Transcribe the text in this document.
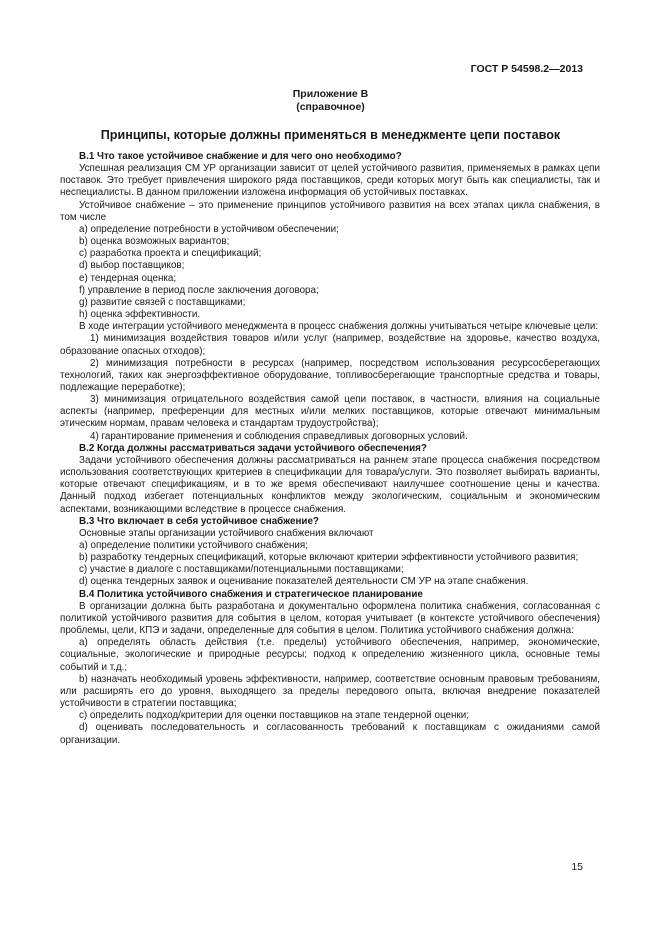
ГОСТ Р 54598.2—2013
Приложение В
(справочное)
Принципы, которые должны применяться в менеджменте цепи поставок

В.1 Что такое устойчивое снабжение и для чего оно необходимо?

Успешная реализация СМ УР организации зависит от целей устойчивого развития, применяемых в рамках цепи поставок. Это требует привлечения широкого ряда поставщиков, среди которых могут быть как специалисты, так и неспециалисты. В данном приложении изложена информация об устойчивых поставках.

Устойчивое снабжение – это применение принципов устойчивого развития на всех этапах цикла снабжения, в том числе

a) определение потребности в устойчивом обеспечении;

b) оценка возможных вариантов;

c) разработка проекта и спецификаций;

d) выбор поставщиков;

e) тендерная оценка;

f) управление в период после заключения договора;

g) развитие связей с поставщиками;

h) оценка эффективности.

В ходе интеграции устойчивого менеджмента в процесс снабжения должны учитываться четыре ключевые цели:

1) минимизация воздействия товаров и/или услуг (например, воздействие на здоровье, качество воздуха, образование опасных отходов);

2) минимизация потребности в ресурсах (например, посредством использования ресурсосберегающих технологий, таких как энергоэффективное оборудование, топливосберегающие транспортные средства и товары, подлежащие переработке);

3) минимизация отрицательного воздействия самой цепи поставок, в частности, влияния на социальные аспекты (например, преференции для местных и/или мелких поставщиков, которые отвечают минимальным этическим нормам, правам человека и стандартам трудоустройства);

4) гарантирование применения и соблюдения справедливых договорных условий.

В.2 Когда должны рассматриваться задачи устойчивого обеспечения?

Задачи устойчивого обеспечения должны рассматриваться на раннем этапе процесса снабжения посредством использования соответствующих критериев в спецификации для товара/услуги. Это позволяет выбирать варианты, которые отвечают спецификациям, и в то же время обеспечивают наилучшее соотношение цены и качества. Данный подход избегает потенциальных конфликтов между экологическим, социальным и экономическим аспектами, возникающими вследствие в процессе снабжения.

В.3 Что включает в себя устойчивое снабжение?

Основные этапы организации устойчивого снабжения включают

а) определение политики устойчивого снабжения;

b) разработку тендерных спецификаций, которые включают критерии эффективности устойчивого развития;

c) участие в диалоге с поставщиками/потенциальными поставщиками;

d) оценка тендерных заявок и оценивание показателей деятельности СМ УР на этапе снабжения.

В.4 Политика устойчивого снабжения и стратегическое планирование

В организации должна быть разработана и документально оформлена политика снабжения, согласованная с политикой устойчивого развития для события в целом, которая учитывает (в контексте устойчивого обеспечения) проблемы, цели, КПЭ и задачи, определенные для события в целом. Политика устойчивого снабжения должна:

а) определять область действия (т.е. пределы) устойчивого обеспечения, например, экономические, социальные, экологические и природные ресурсы; подход к определению жизненного цикла, основные темы событий и т.д.;

b) назначать необходимый уровень эффективности, например, соответствие основным правовым требованиям, или расширять его до уровня, выходящего за пределы передового опыта, включая внедрение показателей устойчивости в стратегии поставщика;

c) определить подход/критерии для оценки поставщиков на этапе тендерной оценки;

d) оценивать последовательность и согласованность требований к поставщикам с ожиданиями самой организации.

15
